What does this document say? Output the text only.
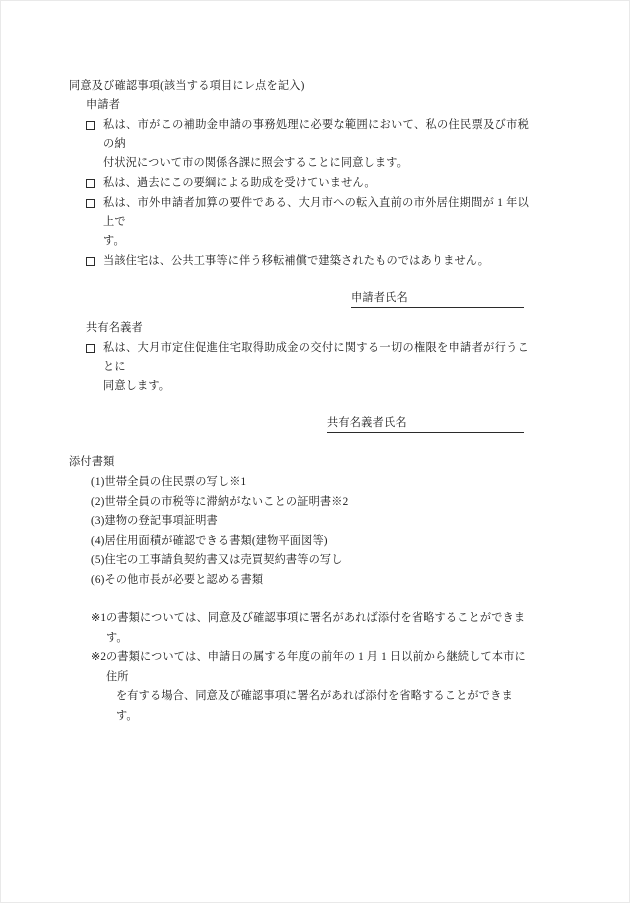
同意及び確認事項(該当する項目にレ点を記入)
申請者
私は、市がこの補助金申請の事務処理に必要な範囲において、私の住民票及び市税の納
付状況について市の関係各課に照会することに同意します。
私は、過去にこの要綱による助成を受けていません。
私は、市外申請者加算の要件である、大月市への転入直前の市外居住期間が 1 年以上で
す。
当該住宅は、公共工事等に伴う移転補償で建築されたものではありません。
申請者氏名
共有名義者
私は、大月市定住促進住宅取得助成金の交付に関する一切の権限を申請者が行うことに
同意します。
共有名義者氏名
添付書類
(1)世帯全員の住民票の写し※1
(2)世帯全員の市税等に滞納がないことの証明書※2
(3)建物の登記事項証明書
(4)居住用面積が確認できる書類(建物平面図等)
(5)住宅の工事請負契約書又は売買契約書等の写し
(6)その他市長が必要と認める書類
※1 の書類については、同意及び確認事項に署名があれば添付を省略することができます。
※2 の書類については、申請日の属する年度の前年の 1 月 1 日以前から継続して本市に住所
を有する場合、同意及び確認事項に署名があれば添付を省略することができます。
